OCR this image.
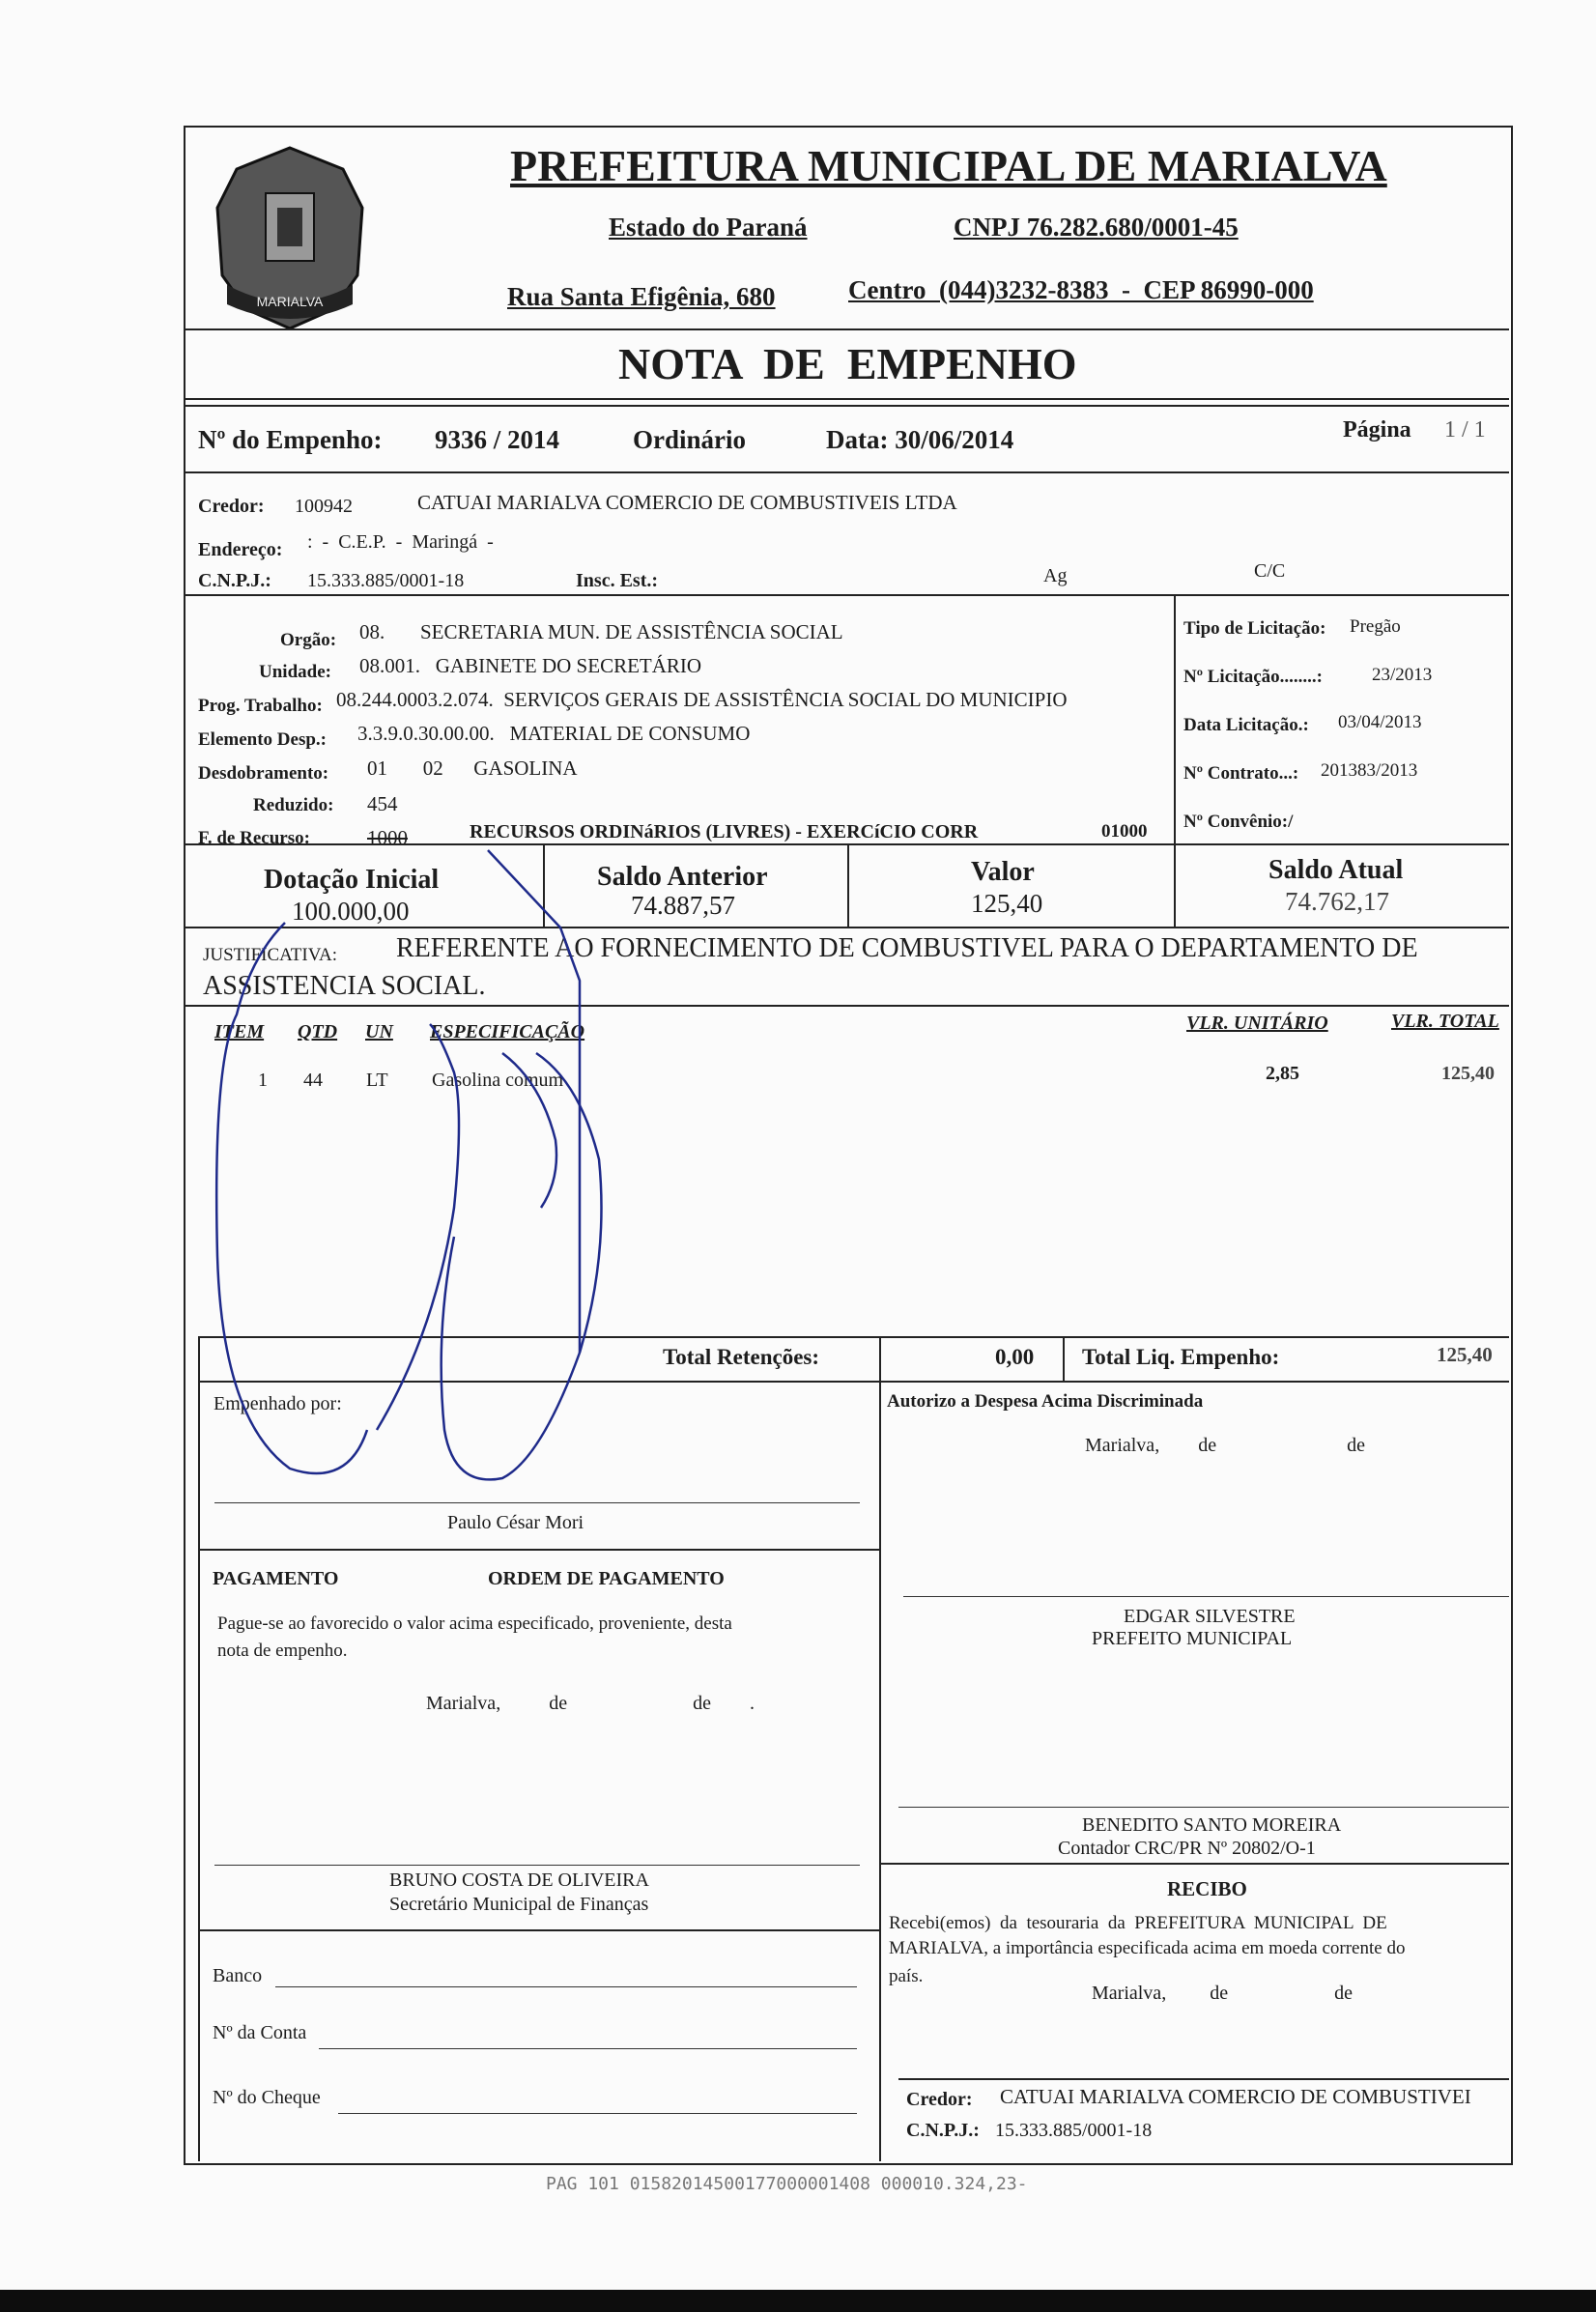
MARIALVA
PREFEITURA MUNICIPAL DE MARIALVA
Estado do Paraná	CNPJ 76.282.680/0001-45
Rua Santa Efigênia, 680	Centro  (044)3232-8383  -  CEP 86990-000
NOTA  DE  EMPENHO
Nº do Empenho: 9336 / 2014	Ordinário	Data: 30/06/2014	Página 1 / 1
Credor: 100942	CATUAI MARIALVA COMERCIO DE COMBUSTIVEIS LTDA
Endereço: :  -  C.E.P.  -  Maringá  -
C.N.P.J.: 15.333.885/0001-18	Insc. Est.:	Ag	C/C
Orgão: 08.       SECRETARIA MUN. DE ASSISTÊNCIA SOCIAL
Unidade: 08.001.   GABINETE DO SECRETÁRIO
Prog. Trabalho: 08.244.0003.2.074.  SERVIÇOS GERAIS DE ASSISTÊNCIA SOCIAL DO MUNICIPIO
Elemento Desp.: 3.3.9.0.30.00.00.   MATERIAL DE CONSUMO
Desdobramento: 01       02      GASOLINA
Reduzido: 454
F. de Recurso:	1000	RECURSOS ORDINáRIOS (LIVRES) - EXERCíCIO CORR	01000
Tipo de Licitação: Pregão
Nº Licitação........:	23/2013
Data Licitação.: 03/04/2013
Nº Contrato...: 201383/2013
Nº Convênio:/
Dotação Inicial
100.000,00
Saldo Anterior
74.887,57
Valor
125,40
Saldo Atual
74.762,17
JUSTIFICATIVA: REFERENTE AO FORNECIMENTO DE COMBUSTIVEL PARA O DEPARTAMENTO DE
ASSISTENCIA SOCIAL.
ITEM QTD UN ESPECIFICAÇÃO	VLR. UNITÁRIO	VLR. TOTAL
1 44 LT Gasolina comum	2,85	125,40
Total Retenções:	0,00 Total Liq. Empenho:	125,40
Empenhado por:
Paulo César Mori
Autorizo a Despesa Acima Discriminada
Marialva,        de                           de
PAGAMENTO	ORDEM DE PAGAMENTO
Pague-se ao favorecido o valor acima especificado, proveniente, desta
nota de empenho.
Marialva,          de                          de        .
BRUNO COSTA DE OLIVEIRA
Secretário Municipal de Finanças
Banco
Nº da Conta
Nº do Cheque
EDGAR SILVESTRE
PREFEITO MUNICIPAL
BENEDITO SANTO MOREIRA
Contador CRC/PR Nº 20802/O-1
RECIBO
Recebi(emos)  da  tesouraria  da  PREFEITURA  MUNICIPAL  DE
MARIALVA, a importância especificada acima em moeda corrente do
país.
Marialva,         de                      de
Credor: CATUAI MARIALVA COMERCIO DE COMBUSTIVEI
C.N.P.J.: 15.333.885/0001-18
PAG 101 01582014500177000001408 000010.324,23-
